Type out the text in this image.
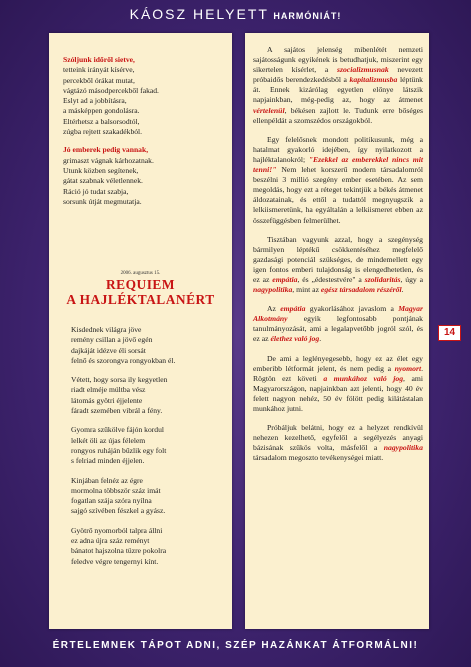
KÁOSZ HELYETT HARMÓNIÁT!
Szóljunk időről sietve,
tetteink irányát kísérve,
percekből órákat mutat,
vágtázó másodpercekből fakad.
Eslyt ad a jobbításra,
a másképpen gondolásra.
Eltérhetsz a balsorsodtól,
zúgba rejtett szakadékból.
Jó emberek pedig vannak,
grimaszt vágnak kárhozatnak.
Utunk közben segítenek,
gátat szabnak véletlennek.
Ráció jó tudat szabja,
sorsunk útját megmutatja.
2006. augusztus 15.
REQUIEM
A HAJLÉKTALANÉRT
Kisdednek világra jöve
remény csillan a jövő egén
dajkáját idézve éli sorsát
felnő és szorongva rongyokban él.
Vétett, hogy sorsa ily kegyetlen
riadt elméje múltba vész
látomás gyötri éjjelente
fáradt szemében vibrál a fény.
Gyomra szűkölve fájón kordul
lelkét öli az újas félelem
rongyos ruháján bűzlik egy folt
s felriad minden éjjelen.
Kinjában felnéz az égre
mormolna többször száz imát
fogatlan szája szóra nyílna
sajgó szívében fészkel a gyász.
Gyötrő nyomorból talpra állni
ez adna újra száz reményt
bánatot hajszolna tüzre pokolra
feledve végre tengernyi kínt.

A sajátos jelenség mibenlétét nemzeti sajátosságunk egyikének is betudhatjuk, miszerint egy sikertelen kísérlet, a szocializmusnak nevezett próbaidős berendezkedésből a kapitalizmusba léptünk át. Ennek kizárólag egyetlen előnye látszik napjainkban, még-pedig az, hogy az átmenet vértelenül, békésen zajlott le. Tudunk erre bőséges ellenpéldát a szomszédos országokból.

Egy felelősnek mondott politikusunk, még a hatalmat gyakorló idejében, így nyilatkozott a hajléktalanokról; "Ezekkel az emberekkel nincs mit tenni!" Nem lehet korszerű modern társadalomról beszélni 3 millió szegény ember esetében. Az sem megoldás, hogy ezt a réteget tekintjük a békés átmenet áldozatainak, és ettől a tudattól megnyugszik a lelkiismeretünk, ha egyáltalán a lelkiismeret ebben az összefüggésben felmerülhet.

Tisztában vagyunk azzal, hogy a szegénység bármilyen léptékű csökkentéséhez megfelelő gazdasági potenciál szükséges, de mindemellett egy igen fontos emberi tulajdonság is elengedhetetlen, és ez az empátia, és „édestestvére" a szolidaritás, úgy a nagypolitika, mint az egész társadalom részéről.

Az empátia gyakorlásához javaslom a Magyar Alkotmány egyik legfontosabb pontjának tanulmányozását, ami a legalapvetőbb jogról szól, és ez az élethez való jog.

De ami a leglényegesebb, hogy ez az élet egy emberibb létformát jelent, és nem pedig a nyomort. Rögtön ezt követi a munkához való jog, ami Magyarországon, napjainkban azt jelenti, hogy 40 év felett nagyon nehéz, 50 év fölött pedig kilátástalan munkához jutni.

Próbáljuk belátni, hogy ez a helyzet rendkívül nehezen kezelhető, egyfelől a segélyezés anyagi bázisának szűkös volta, másfelől a nagypolitika társadalom megoszto tevékenységei miatt.

14
ÉRTELEMNEK TÁPOT ADNI, SZÉP HAZÁNKAT ÁTFORMÁLNI!
